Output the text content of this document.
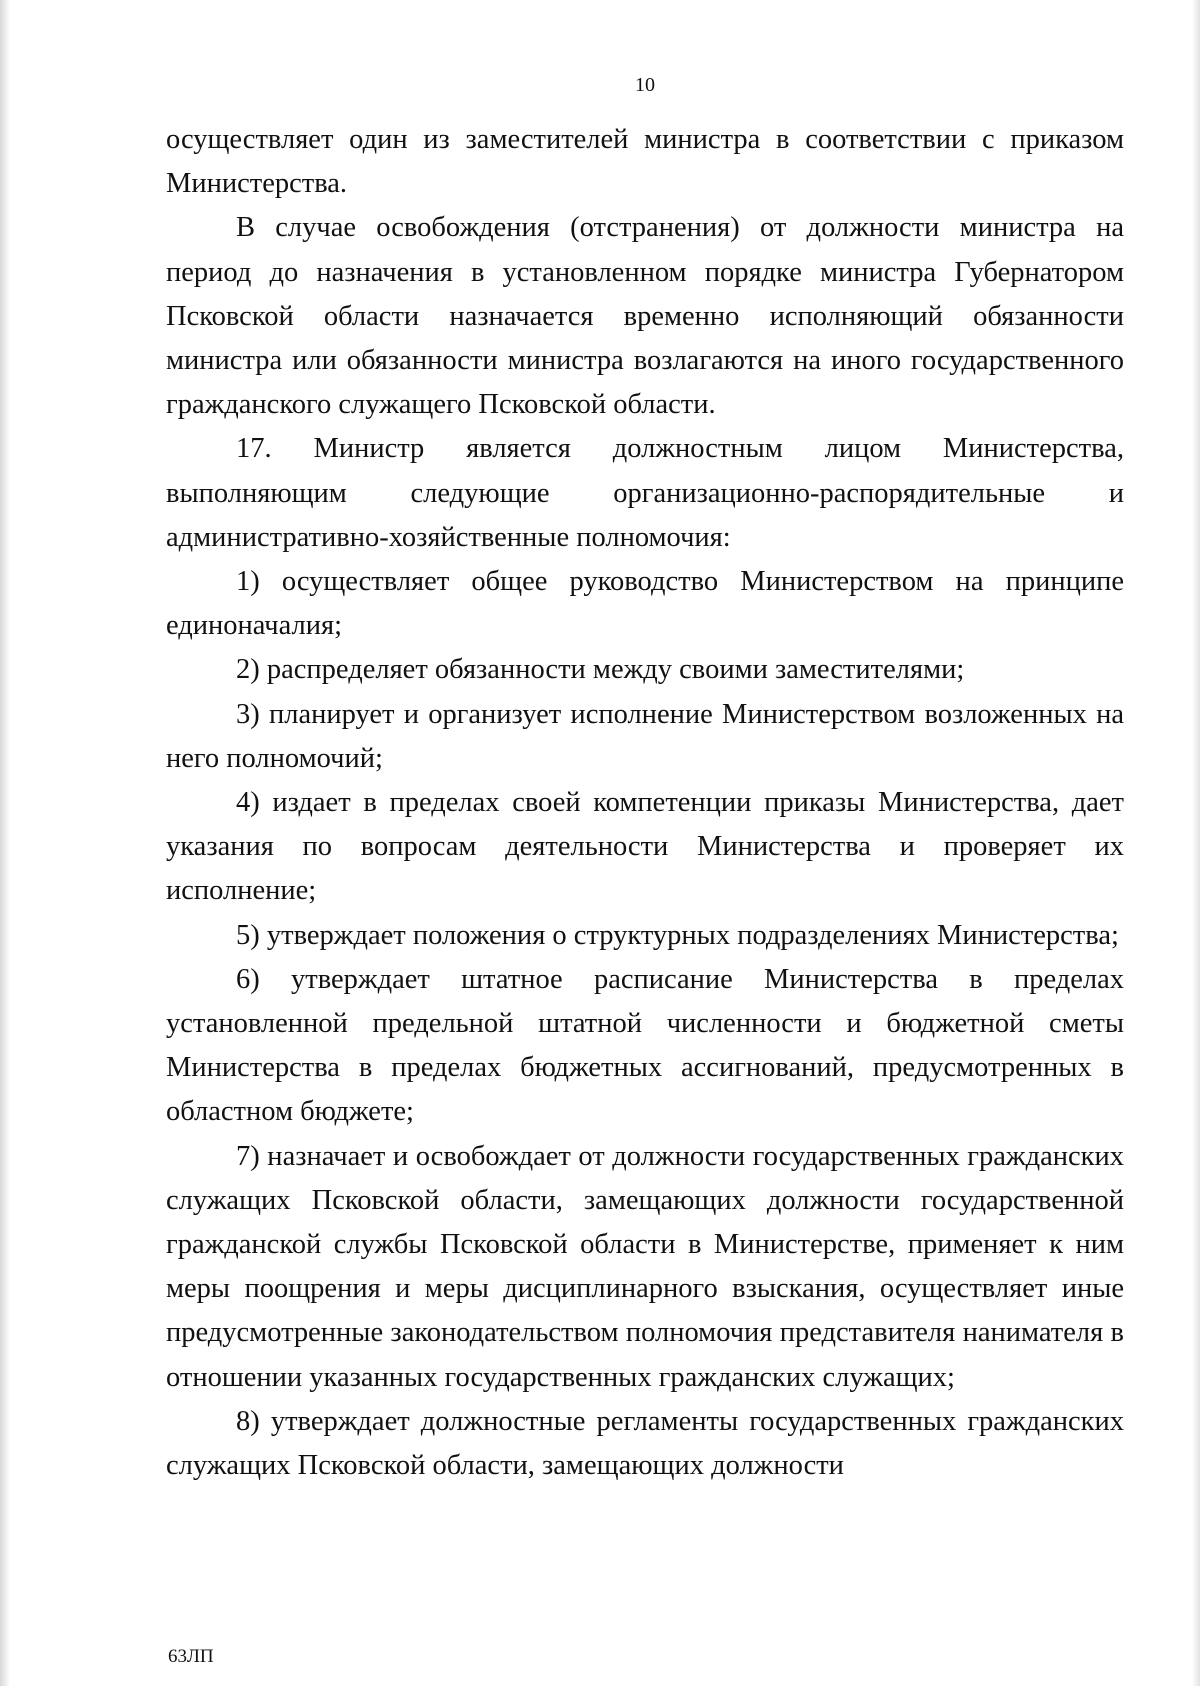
10

осуществляет один из заместителей министра в соответствии с приказом Министерства.

В случае освобождения (отстранения) от должности министра на период до назначения в установленном порядке министра Губернатором Псковской области назначается временно исполняющий обязанности министра или обязанности министра возлагаются на иного государственного гражданского служащего Псковской области.

17. Министр является должностным лицом Министерства, выполняющим следующие организационно-распорядительные и административно-хозяйственные полномочия:

1) осуществляет общее руководство Министерством на принципе единоначалия;

2) распределяет обязанности между своими заместителями;

3) планирует и организует исполнение Министерством возложенных на него полномочий;

4) издает в пределах своей компетенции приказы Министерства, дает указания по вопросам деятельности Министерства и проверяет их исполнение;

5) утверждает положения о структурных подразделениях Министерства;

6) утверждает штатное расписание Министерства в пределах установленной предельной штатной численности и бюджетной сметы Министерства в пределах бюджетных ассигнований, предусмотренных в областном бюджете;

7) назначает и освобождает от должности государственных гражданских служащих Псковской области, замещающих должности государственной гражданской службы Псковской области в Министерстве, применяет к ним меры поощрения и меры дисциплинарного взыскания, осуществляет иные предусмотренные законодательством полномочия представителя нанимателя в отношении указанных государственных гражданских служащих;

8) утверждает должностные регламенты государственных гражданских служащих Псковской области, замещающих должности

63ЛП
